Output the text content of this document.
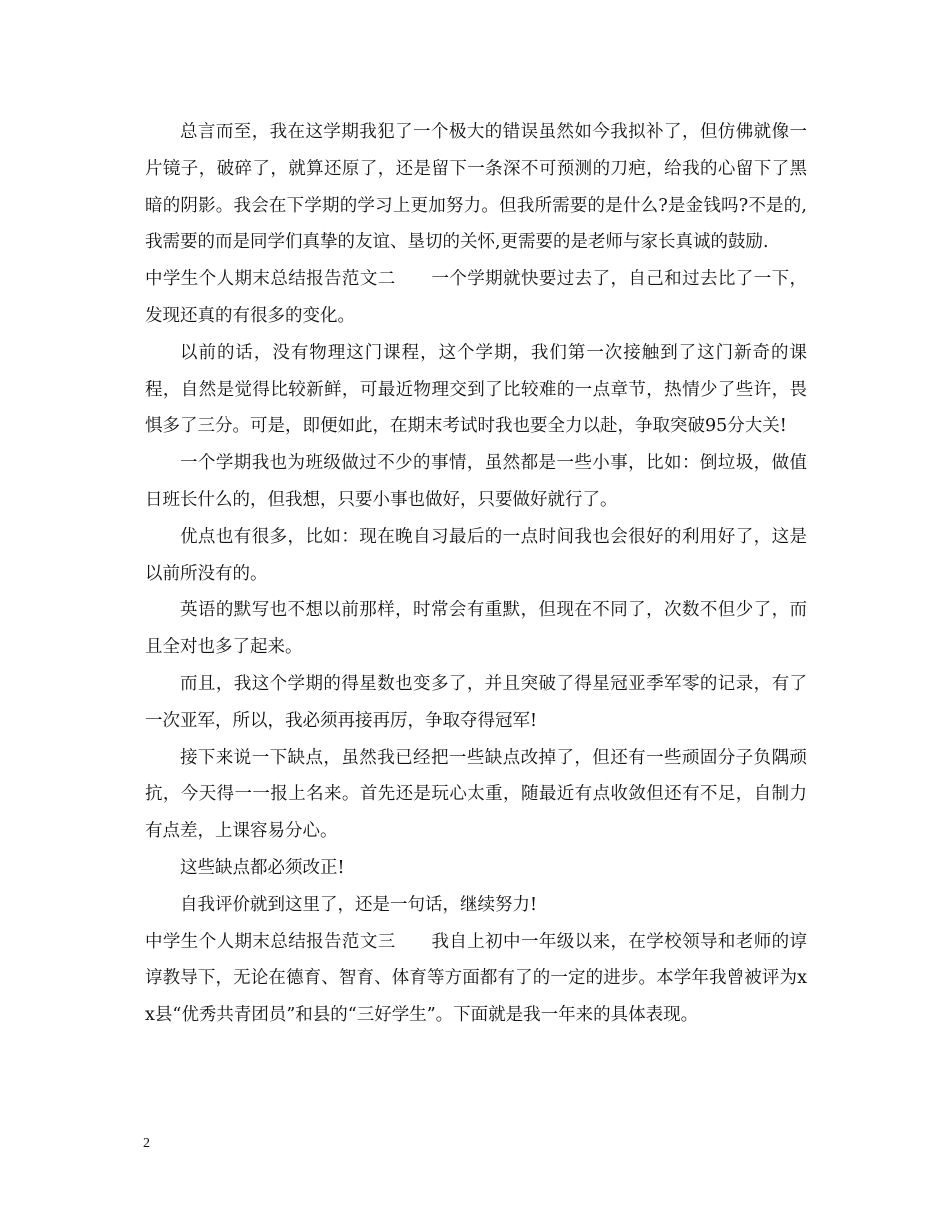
总言而至，我在这学期我犯了一个极大的错误虽然如今我拟补了，但仿佛就像一片镜子，破碎了，就算还原了，还是留下一条深不可预测的刀疤，给我的心留下了黑暗的阴影。我会在下学期的学习上更加努力。但我所需要的是什么?是金钱吗?不是的,我需要的而是同学们真挚的友谊、垦切的关怀,更需要的是老师与家长真诚的鼓励.

中学生个人期末总结报告范文二　　一个学期就快要过去了，自己和过去比了一下，发现还真的有很多的变化。

以前的话，没有物理这门课程，这个学期，我们第一次接触到了这门新奇的课程，自然是觉得比较新鲜，可最近物理交到了比较难的一点章节，热情少了些许，畏惧多了三分。可是，即便如此，在期末考试时我也要全力以赴，争取突破95分大关!

一个学期我也为班级做过不少的事情，虽然都是一些小事，比如：倒垃圾，做值日班长什么的，但我想，只要小事也做好，只要做好就行了。

优点也有很多，比如：现在晚自习最后的一点时间我也会很好的利用好了，这是以前所没有的。

英语的默写也不想以前那样，时常会有重默，但现在不同了，次数不但少了，而且全对也多了起来。

而且，我这个学期的得星数也变多了，并且突破了得星冠亚季军零的记录，有了一次亚军，所以，我必须再接再厉，争取夺得冠军!

接下来说一下缺点，虽然我已经把一些缺点改掉了，但还有一些顽固分子负隅顽抗，今天得一一报上名来。首先还是玩心太重，随最近有点收敛但还有不足，自制力有点差，上课容易分心。

这些缺点都必须改正!

自我评价就到这里了，还是一句话，继续努力!

中学生个人期末总结报告范文三　　我自上初中一年级以来，在学校领导和老师的谆谆教导下，无论在德育、智育、体育等方面都有了的一定的进步。本学年我曾被评为xx县“优秀共青团员”和县的“三好学生”。下面就是我一年来的具体表现。

2
